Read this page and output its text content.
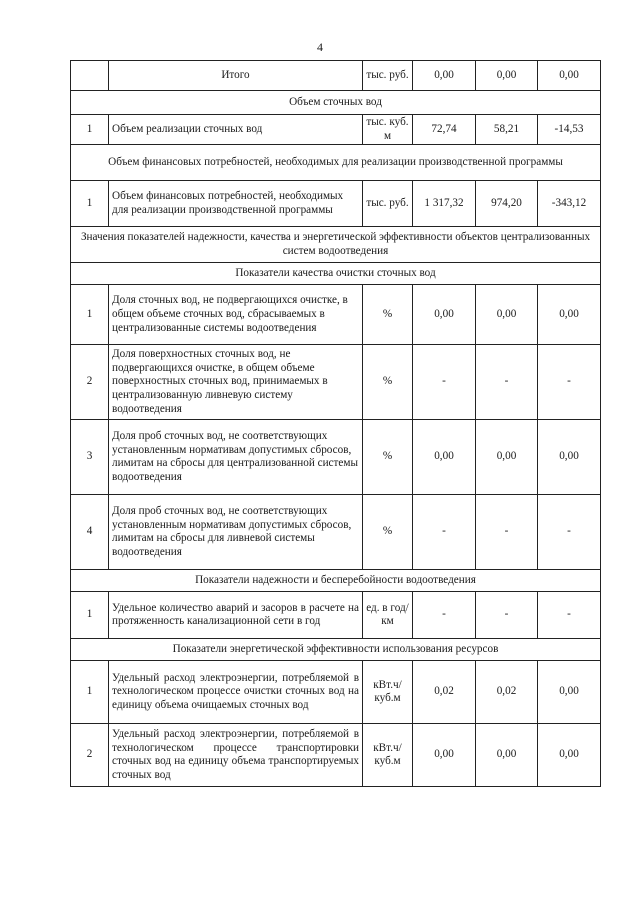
4
	Итого	тыс. руб.	0,00	0,00	0,00
Объем сточных вод					
1	Объем реализации сточных вод	тыс. куб. м	72,74	58,21	-14,53
Объем финансовых потребностей, необходимых для реализации производственной программы					
1	Объем финансовых потребностей, необходимых для реализации производственной программы	тыс. руб.	1 317,32	974,20	-343,12
Значения показателей надежности, качества и энергетической эффективности объектов централизованных систем водоотведения					
Показатели качества очистки сточных вод					
1	Доля сточных вод, не подвергающихся очистке, в общем объеме сточных вод, сбрасываемых в централизованные системы водоотведения	%	0,00	0,00	0,00
2	Доля поверхностных сточных вод, не подвергающихся очистке, в общем объеме поверхностных сточных вод, принимаемых в централизованную ливневую систему водоотведения	%	-	-	-
3	Доля проб сточных вод, не соответствующих установленным нормативам допустимых сбросов, лимитам на сбросы для централизованной системы водоотведения	%	0,00	0,00	0,00
4	Доля проб сточных вод, не соответствующих установленным нормативам допустимых сбросов, лимитам на сбросы для ливневой системы водоотведения	%	-	-	-
Показатели надежности и бесперебойности водоотведения					
1	Удельное количество аварий и засоров в расчете на протяженность канализационной сети в год	ед. в год/ км	-	-	-
Показатели энергетической эффективности использования ресурсов					
1	Удельный расход электроэнергии, потребляемой в технологическом процессе очистки сточных вод на единицу объема очищаемых сточных вод	кВт.ч/ куб.м	0,02	0,02	0,00
2	Удельный расход электроэнергии, потребляемой в технологическом процессе транспортировки сточных вод на единицу объема транспортируемых сточных вод	кВт.ч/ куб.м	0,00	0,00	0,00
